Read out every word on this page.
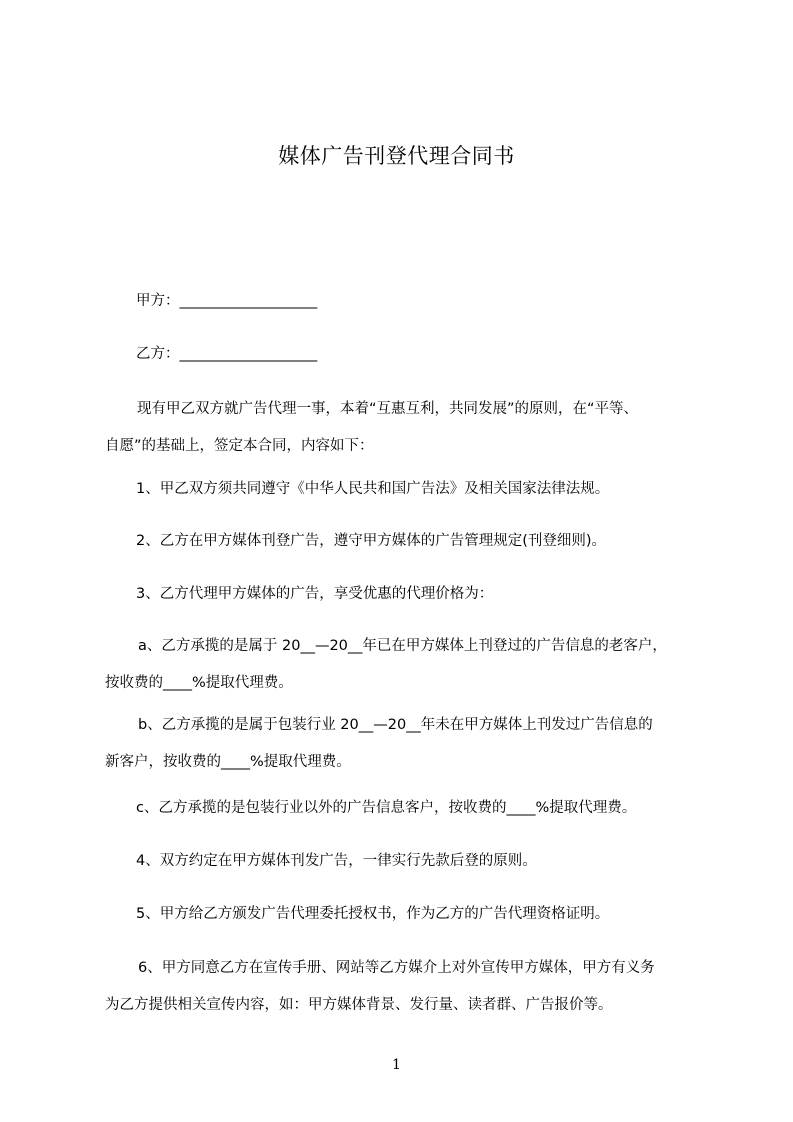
媒体广告刊登代理合同书
甲方：___________________
乙方：___________________
现有甲乙双方就广告代理一事，本着“互惠互利，共同发展”的原则，在“平等、
自愿”的基础上，签定本合同，内容如下：
1、甲乙双方须共同遵守《中华人民共和国广告法》及相关国家法律法规。
2、乙方在甲方媒体刊登广告，遵守甲方媒体的广告管理规定(刊登细则)。
3、乙方代理甲方媒体的广告，享受优惠的代理价格为：
a、乙方承揽的是属于 20__—20__年已在甲方媒体上刊登过的广告信息的老客户，
按收费的____%提取代理费。
b、乙方承揽的是属于包装行业 20__—20__年未在甲方媒体上刊发过广告信息的
新客户，按收费的____%提取代理费。
c、乙方承揽的是包装行业以外的广告信息客户，按收费的____%提取代理费。
4、双方约定在甲方媒体刊发广告，一律实行先款后登的原则。
5、甲方给乙方颁发广告代理委托授权书，作为乙方的广告代理资格证明。
6、甲方同意乙方在宣传手册、网站等乙方媒介上对外宣传甲方媒体，甲方有义务
为乙方提供相关宣传内容，如：甲方媒体背景、发行量、读者群、广告报价等。
1
